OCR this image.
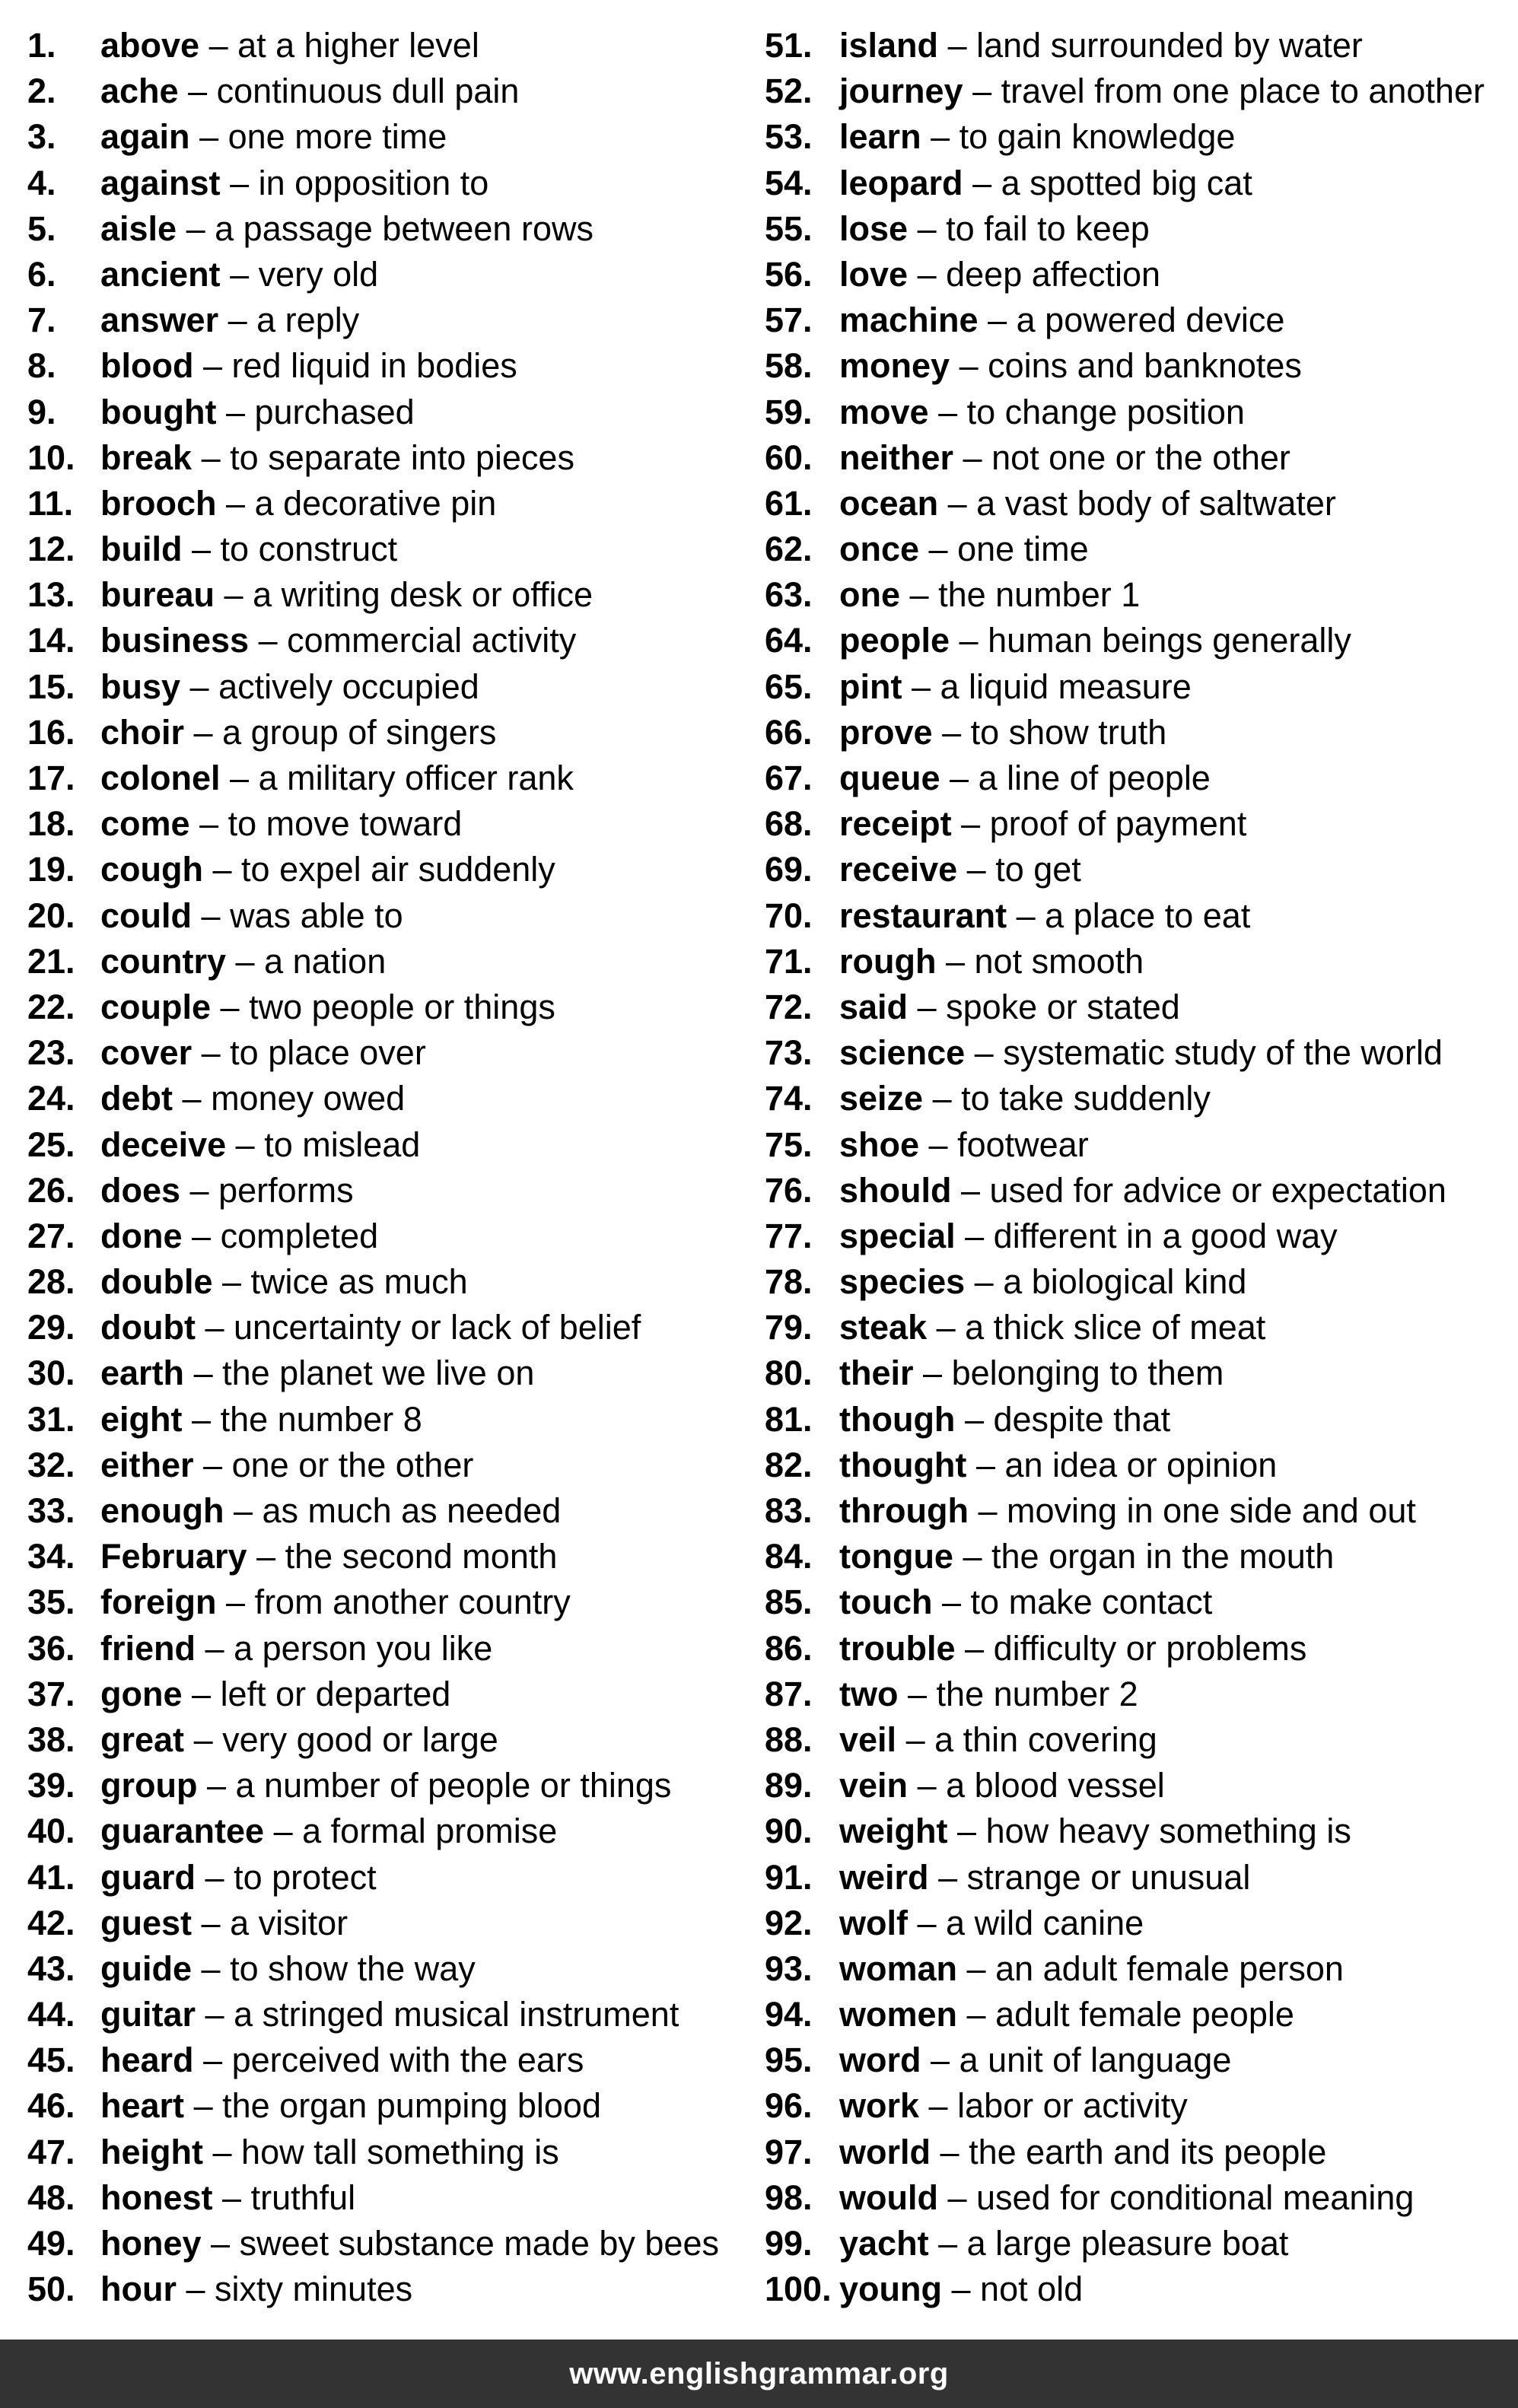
1. above – at a higher level
2. ache – continuous dull pain
3. again – one more time
4. against – in opposition to
5. aisle – a passage between rows
6. ancient – very old
7. answer – a reply
8. blood – red liquid in bodies
9. bought – purchased
10. break – to separate into pieces
11. brooch – a decorative pin
12. build – to construct
13. bureau – a writing desk or office
14. business – commercial activity
15. busy – actively occupied
16. choir – a group of singers
17. colonel – a military officer rank
18. come – to move toward
19. cough – to expel air suddenly
20. could – was able to
21. country – a nation
22. couple – two people or things
23. cover – to place over
24. debt – money owed
25. deceive – to mislead
26. does – performs
27. done – completed
28. double – twice as much
29. doubt – uncertainty or lack of belief
30. earth – the planet we live on
31. eight – the number 8
32. either – one or the other
33. enough – as much as needed
34. February – the second month
35. foreign – from another country
36. friend – a person you like
37. gone – left or departed
38. great – very good or large
39. group – a number of people or things
40. guarantee – a formal promise
41. guard – to protect
42. guest – a visitor
43. guide – to show the way
44. guitar – a stringed musical instrument
45. heard – perceived with the ears
46. heart – the organ pumping blood
47. height – how tall something is
48. honest – truthful
49. honey – sweet substance made by bees
50. hour – sixty minutes
51. island – land surrounded by water
52. journey – travel from one place to another
53. learn – to gain knowledge
54. leopard – a spotted big cat
55. lose – to fail to keep
56. love – deep affection
57. machine – a powered device
58. money – coins and banknotes
59. move – to change position
60. neither – not one or the other
61. ocean – a vast body of saltwater
62. once – one time
63. one – the number 1
64. people – human beings generally
65. pint – a liquid measure
66. prove – to show truth
67. queue – a line of people
68. receipt – proof of payment
69. receive – to get
70. restaurant – a place to eat
71. rough – not smooth
72. said – spoke or stated
73. science – systematic study of the world
74. seize – to take suddenly
75. shoe – footwear
76. should – used for advice or expectation
77. special – different in a good way
78. species – a biological kind
79. steak – a thick slice of meat
80. their – belonging to them
81. though – despite that
82. thought – an idea or opinion
83. through – moving in one side and out
84. tongue – the organ in the mouth
85. touch – to make contact
86. trouble – difficulty or problems
87. two – the number 2
88. veil – a thin covering
89. vein – a blood vessel
90. weight – how heavy something is
91. weird – strange or unusual
92. wolf – a wild canine
93. woman – an adult female person
94. women – adult female people
95. word – a unit of language
96. work – labor or activity
97. world – the earth and its people
98. would – used for conditional meaning
99. yacht – a large pleasure boat
100. young – not old
www.englishgrammar.org
